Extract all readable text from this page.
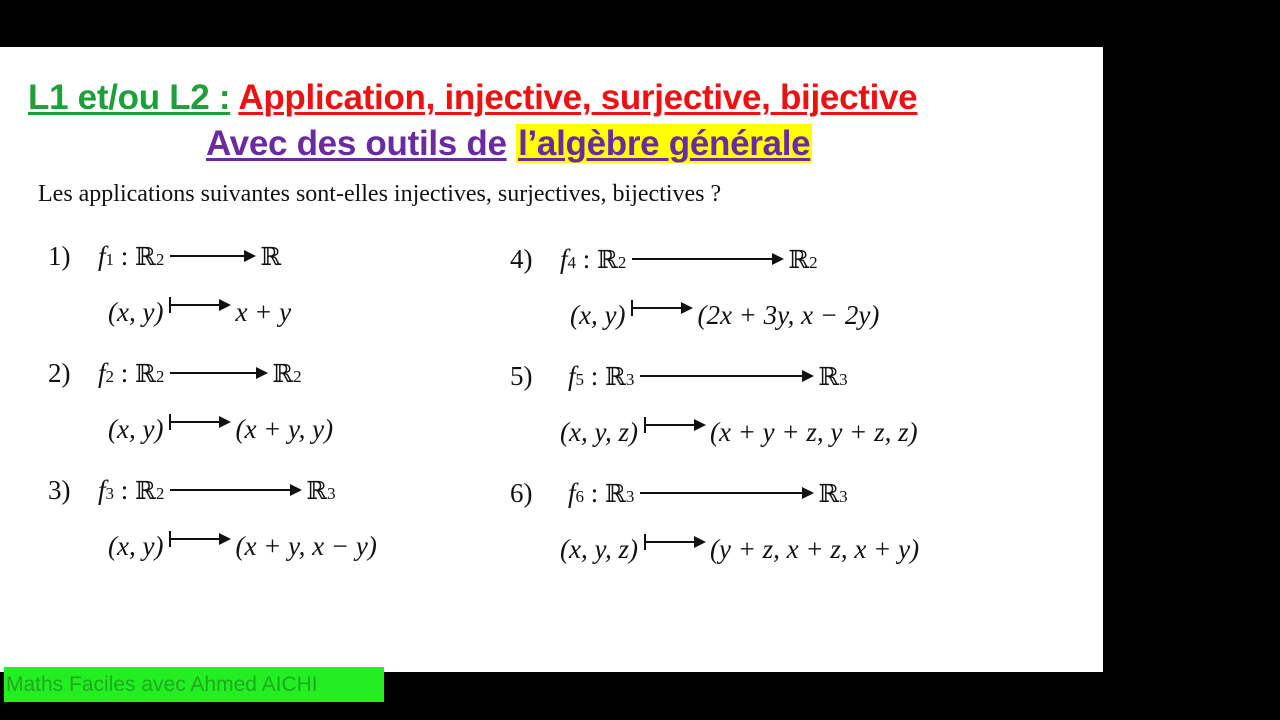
L1 et/ou L2 : Application, injective, surjective, bijective
Avec des outils de l’algèbre générale
Les applications suivantes sont-elles injectives, surjectives, bijectives ?
1) f 1 : ℝ 2	ℝ
(x, y)	x + y
2) f 2 : ℝ 2	ℝ 2
(x, y)	(x + y, y)
3) f 3 : ℝ 2	ℝ 3
(x, y)	(x + y, x − y)
4) f 4 : ℝ 2	ℝ 2
(x, y)	(2x + 3y, x − 2y)
5) f 5 : ℝ 3	ℝ 3
(x, y, z)	(x + y + z, y + z, z)
6) f 6 : ℝ 3	ℝ 3
(x, y, z)	(y + z, x + z, x + y)
Maths Faciles avec Ahmed AICHI
